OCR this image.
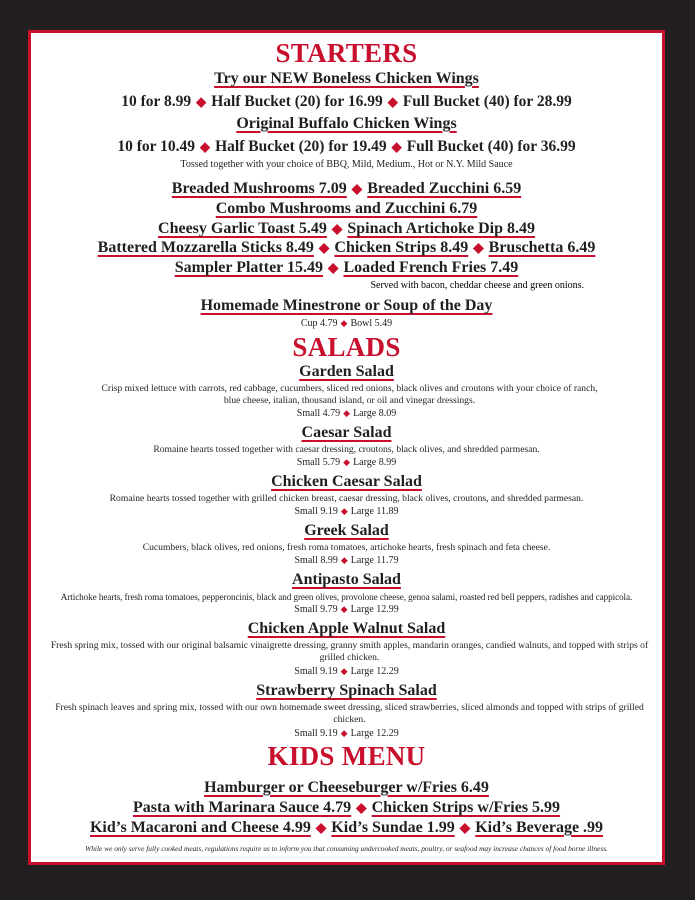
STARTERS
Try our NEW Boneless Chicken Wings
10 for 8.99 ◆ Half Bucket (20) for 16.99 ◆ Full Bucket (40) for 28.99
Original Buffalo Chicken Wings
10 for 10.49 ◆ Half Bucket (20) for 19.49 ◆ Full Bucket (40) for 36.99
Tossed together with your choice of BBQ, Mild, Medium., Hot or N.Y. Mild Sauce
Breaded Mushrooms 7.09 ◆ Breaded Zucchini 6.59
Combo Mushrooms and Zucchini 6.79
Cheesy Garlic Toast 5.49 ◆ Spinach Artichoke Dip 8.49
Battered Mozzarella Sticks 8.49 ◆ Chicken Strips 8.49 ◆ Bruschetta 6.49
Sampler Platter 15.49 ◆ Loaded French Fries 7.49
Served with bacon, cheddar cheese and green onions.
Homemade Minestrone or Soup of the Day
Cup 4.79 ◆ Bowl 5.49
SALADS
Garden Salad
Crisp mixed lettuce with carrots, red cabbage, cucumbers, sliced red onions, black olives and croutons with your choice of ranch, blue cheese, italian, thousand island, or oil and vinegar dressings.
Small 4.79 ◆ Large 8.09
Caesar Salad
Romaine hearts tossed together with caesar dressing, croutons, black olives, and shredded parmesan.
Small 5.79 ◆ Large 8.99
Chicken Caesar Salad
Romaine hearts tossed together with grilled chicken breast, caesar dressing, black olives, croutons, and shredded parmesan.
Small 9.19 ◆ Large 11.89
Greek Salad
Cucumbers, black olives, red onions, fresh roma tomatoes, artichoke hearts, fresh spinach and feta cheese.
Small 8.99 ◆ Large 11.79
Antipasto Salad
Artichoke hearts, fresh roma tomatoes, pepperoncinis, black and green olives, provolone cheese, genoa salami, roasted red bell peppers, radishes and cappicola.
Small 9.79 ◆ Large 12.99
Chicken Apple Walnut Salad
Fresh spring mix, tossed with our original balsamic vinaigrette dressing, granny smith apples, mandarin oranges, candied walnuts, and topped with strips of grilled chicken.
Small 9.19 ◆ Large 12.29
Strawberry Spinach Salad
Fresh spinach leaves and spring mix, tossed with our own homemade sweet dressing, sliced strawberries, sliced almonds and topped with strips of grilled chicken.
Small 9.19 ◆ Large 12.29
KIDS MENU
Hamburger or Cheeseburger w/Fries 6.49
Pasta with Marinara Sauce 4.79 ◆ Chicken Strips w/Fries 5.99
Kid’s Macaroni and Cheese 4.99 ◆ Kid’s Sundae 1.99 ◆ Kid’s Beverage .99
While we only serve fully cooked meats, regulations require us to inform you that consuming undercooked meats, poultry, or seafood may increase chances of food borne illness.
